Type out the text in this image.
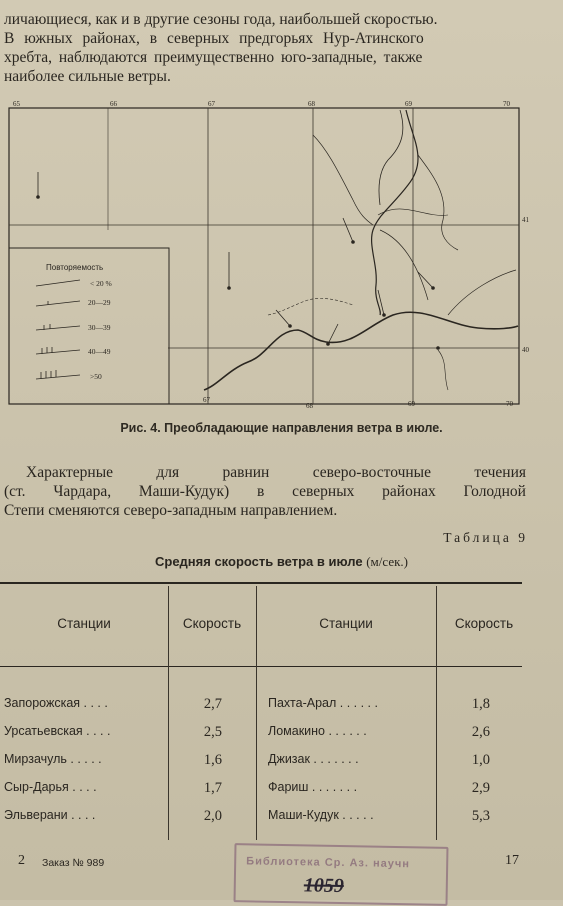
личающиеся, как и в другие сезоны года, наибольшей скоростью.

В южных районах, в северных предгорьях Нур-Атинского

хребта, наблюдаются преимущественно юго-западные, также

наиболее сильные ветры.

65	66	67	68	69	70
67
68	69	70
41
40
Повторяемость
< 20 %
20—29
30—39
40—49
>50
Рис. 4. Преобладающие направления ветра в июле.

Характерные	для	равнин	северо-восточные	течения

(ст. Чардара, Маши-Кудук) в северных районах Голодной

Степи сменяются северо-западным направлением.

Таблица 9
Средняя скорость ветра в июле (м/сек.)
Станции	Скорость	Станции	Скорость
Запорожская . . . .	2,7	Пахта-Арал . . . . . .	1,8
Урсатьевская . . . .	2,5	Ломакино . . . . . .	2,6
Мирзачуль . . . . .	1,6	Джизак . . . . . . .	1,0
Сыр-Дарья . . . .	1,7	Фариш . . . . . . .	2,9
Эльверани . . . .	2,0	Маши-Кудук . . . . .	5,3
2 Заказ № 989	Библиотека Ср. Аз. научн
1059
17
